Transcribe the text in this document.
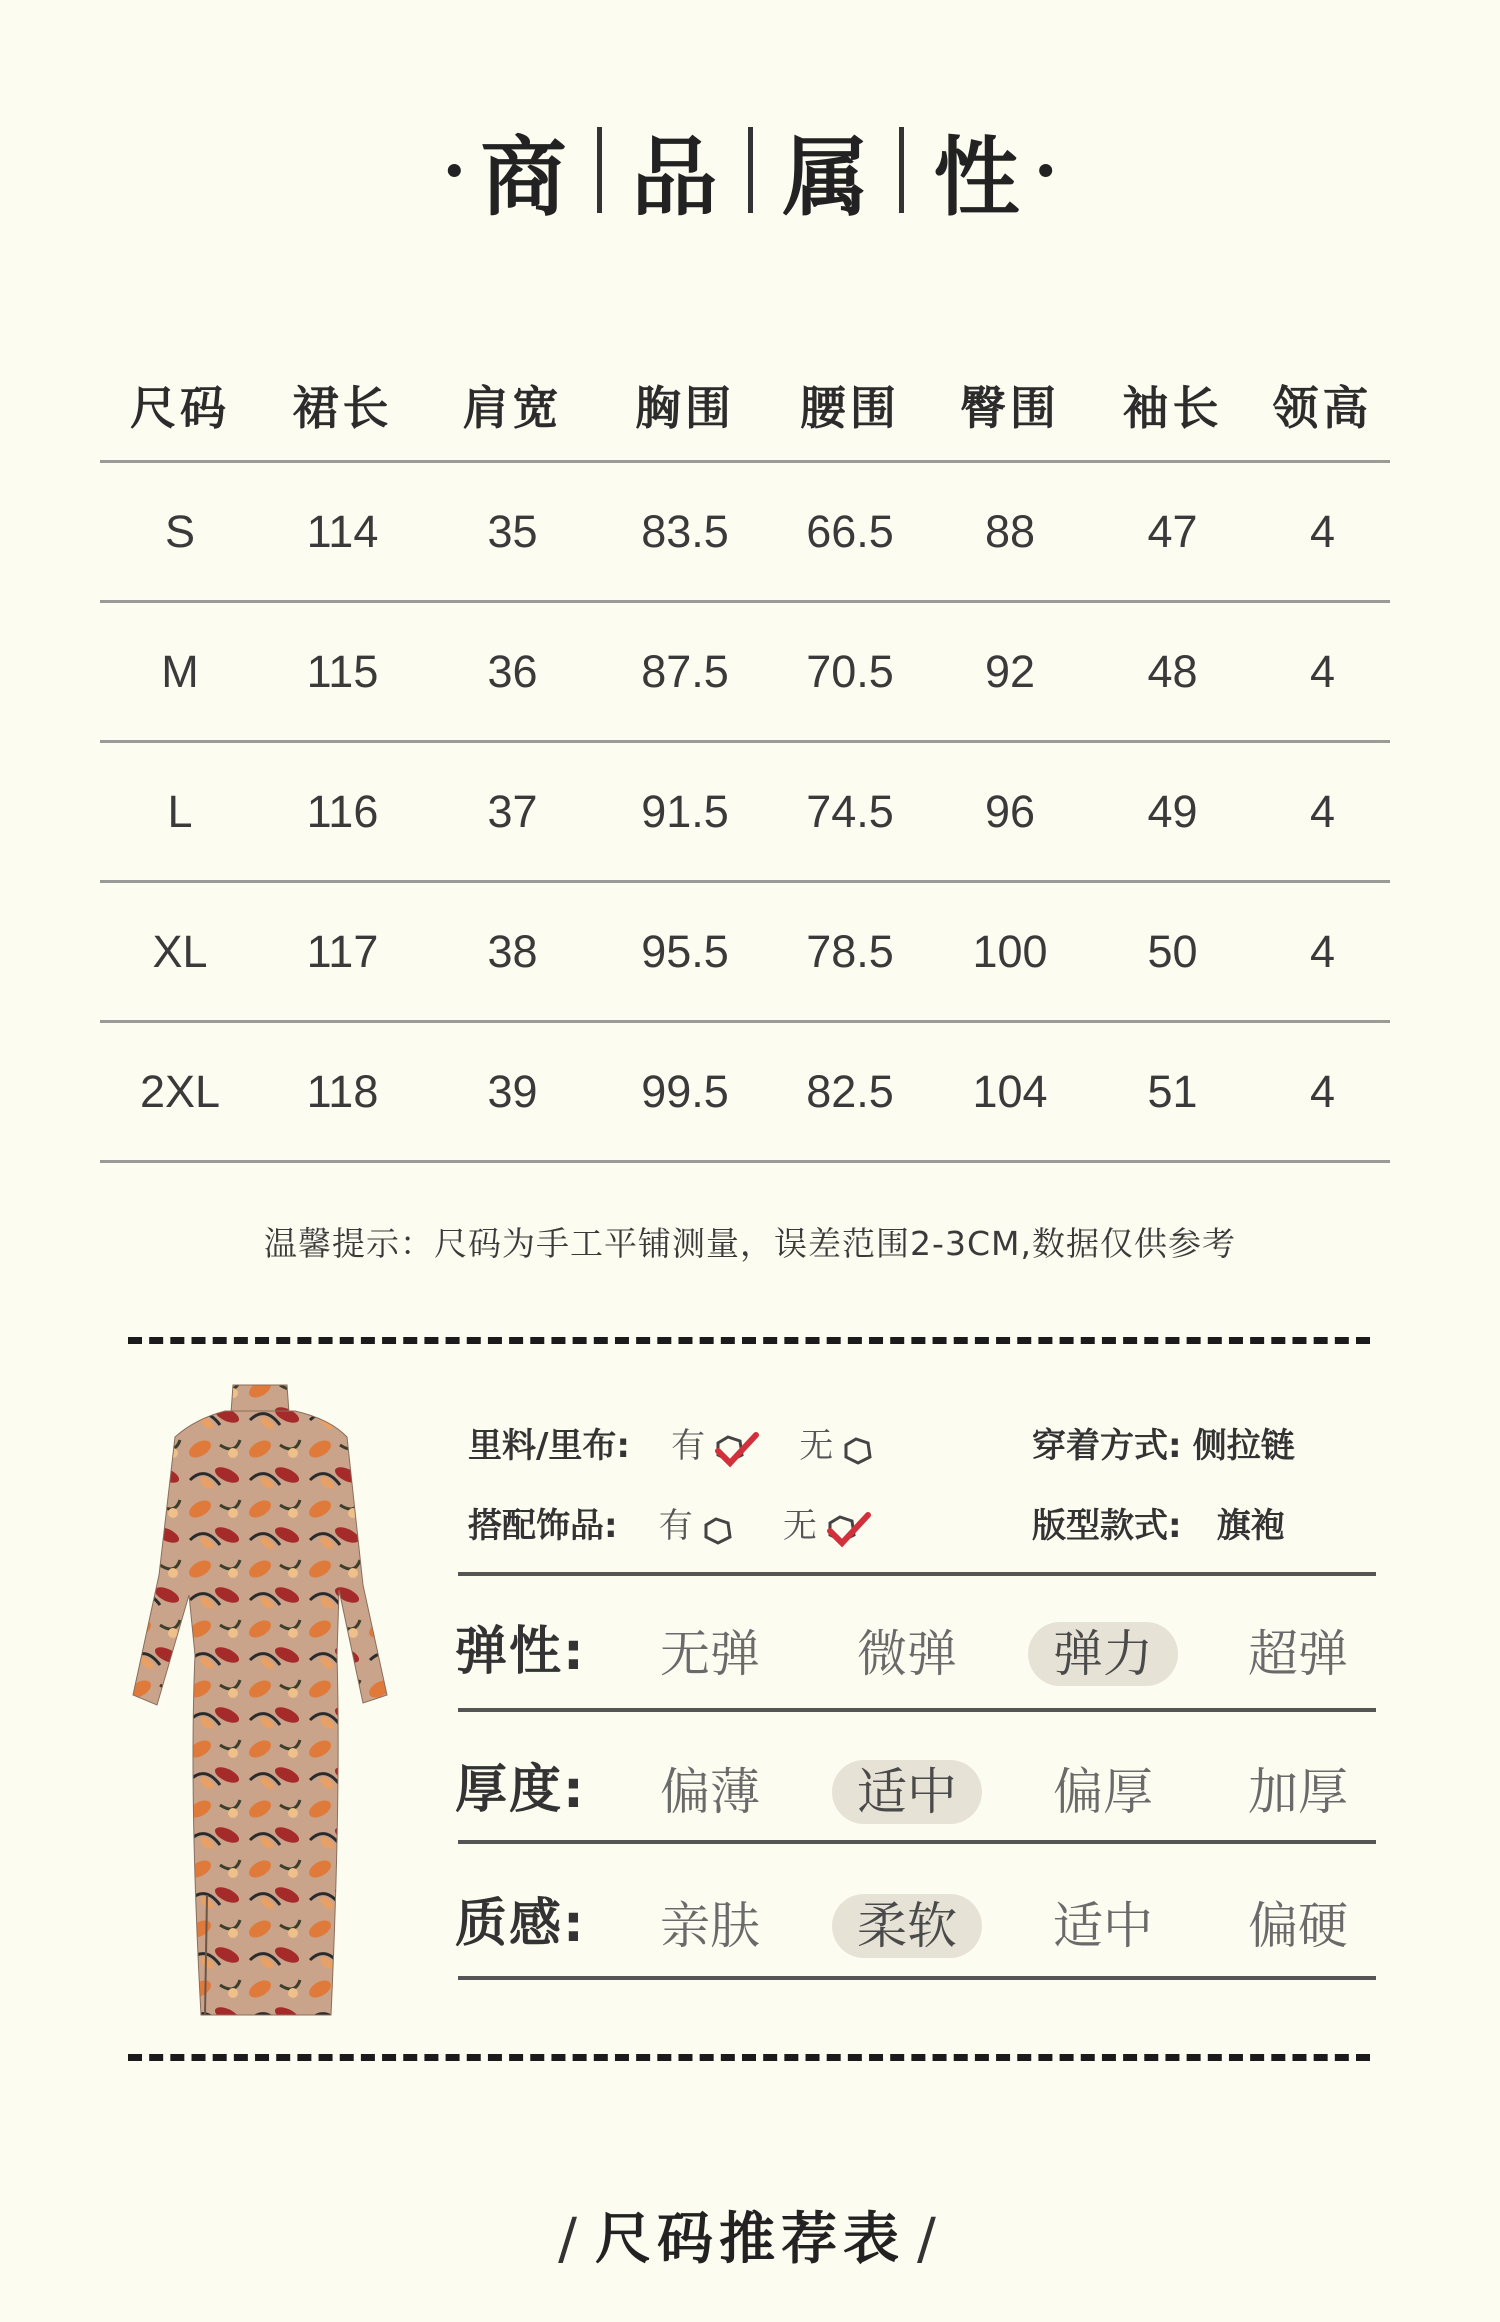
· 商 品 属 性 ·
尺码	裙长	肩宽	胸围	腰围	臀围	袖长	领高
S	114	35	83.5	66.5	88	47	4
M	115	36	87.5	70.5	92	48	4
L	116	37	91.5	74.5	96	49	4
XL	117	38	95.5	78.5	100	50	4
2XL	118	39	99.5	82.5	104	51	4
温馨提示：尺码为手工平铺测量，误差范围2-3CM,数据仅供参考
里料/里布: 有	无	穿着方式: 侧拉链
搭配饰品: 有	无	版型款式: 旗袍
弹性:	无弹	微弹	弹力	超弹
厚度:	偏薄	适中	偏厚	加厚
质感:	亲肤	柔软	适中	偏硬
/ 尺码推荐表 /
